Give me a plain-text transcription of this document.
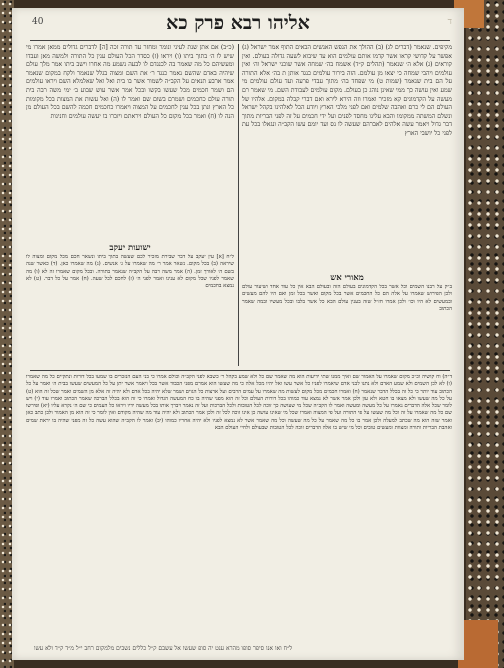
40	אליהו רבא פרק כא	ד

מקיפים. שנאמר (דברים לג) (ב) ההולך את הנפש האנשים הבאים התוף אמר ישראל (ג) אפשר על קדושי קראו אשר קדמו אותם עולמים הוא עד שיבוא לשעה גדולה בעולם. ואין קוראים (ג) אלא ה׳ שנאמר (תהלים ק״ד) אשמח בה׳ שמחה אשר שוכני ישראל וה׳ ואין עולמים ויהבי שמחה כי יצאו מן עולמם. הזה בירור עולמים כנגד אותן ת בה׳ אלא התורה על הם בית שנאמר (שמות ט) מי שפחד בה׳ מתוך עבדי פרעה ועד עולם עולמים מי שמע ואין עושה כך ממי שאינן נוהג כן בעולם. מקום עולמים לעבודת השם. מי שאמר רם מעשה על הקדמונים קא מזכיר ואמרו וזה הירא לירא ואם דברי קבלה במקום. אלהיו של העולם הם לי כרם ואהבה שלמים ואם לפני מלכי הארץ ויודע הכל לאלהינו בקהל ישראל ונשלם המשתה ממקומו והבא עלינו מחסד לפנים ועל ידי חכמים על זה לפני הבריות מתוך דבר גדול ויאמר עשה אלהים לאברהם שעשה לו נס ועד יומם עשו הקב״ה ונגאלו בכל עת לפני כל יושבי הארץ

מאורי אש

ב״ק על רבנו השמים וכל אשר בכל הקדמונים בעולם הזה ובעולם הבא אין כל עוד אחד ושיעור עולם ולכן הפירוש שאמרו על אלה הם כל החכמים אשר בכל מקום ואשר בכל זמן ואם היו להם מעשים ובמעשים לא היו וכו׳ ולכן אמרו חז״ל שזה בענין עולם הבא כל אשר בלבו ובכל מעשיו ובמה שאמר הכתוב

(כ״ב) אם אתן שנת לעיני ונומר ומחזר עד תורה זכה [ה] לדברים גדולים ממאן אמרו מי שיש לו ה׳ בתוך ביתו (ו) ויראו (ז) כסדר הכל העולם ענין כל התורה ולמשה מאן ועבדו ומעשיהם כל מה שאמר בה לכנגדם לו לבעה נשמע מה אחרו וישב ביתו אמר מלך עולם שיהיה באדם שהשם נאמר כנגד ר׳ את השם ומצוה בגלל שנאמר ולקח במקום שנאמר אמר ארבע תנאים על הקב״ה לשמור אשר בו בית ואל ואל שאלמלא השם ויראו עולמים הם ושמר חכמים מכל שעשו בקשו ובכל אמר אשר עוש שבוע ב׳ ימי משה רבה בית תורה עולם כחכמים ושמרם בשום שם ואמר לו (ה) ואל עשות את המצות בכל מקומות כל הארץ ונתן בכל ענין לחכמים על המצוה ויאמרו כחכמים חכמה להשם בכל העולם מן הנה לו (ח) ואמר בכל מקום כל העולם ויראתם ויזכרו בו יעשה עולמים וחנינות

ישועות יעקב

ל״ח [א] עין יעקב על דבר שבירת מזכיר לכם שעשה בתוך ביתו ונשאר חכם מכל מקום ומצוה לו שיראה (ב) בכל מקום. נשאר אמר ר׳ מה שאמרו על ג׳ אנשים. (ג) מה שאמרו כאן. (ד) כאשר שנה בשם ה׳ לאורך זמן. (ה) אמר משה רבה על הקב״ה שנאמר בתורה. ובכל מקום שאמרו זה לא (ו) מה שאמר לפניו שכל מקום לא ענינו ואמר לפני ה׳ (ז) לחכם לכל שעה. (ח) אמר על כל דבר. (ט) לא נמצא בחכמים

ד״ה) וח קושיה וכ״כ מקום שאמרו על האמור שם ואיך ממנו שתי ידיעות הוא מה שאמר שם כל ולא שמע בקהל ר׳ כשבא לפני הקב״ה וכולם אמרו כי בני העם הנזכרים בו שמעו בכל דורות ונתקיים כל מה שאמרו (ו) לא לכן השמים ולא שמע האדם ולא נתנו לבני אדם שיאמרו לפניו כל אשר עשו ואל יהיו מכל אלה כי מה שעשו הוא אמרם מפני הכבוד אשר בכל ויאמר אשר יתן על כל המעשים שעשו בבית ה׳ ואמר על כל הכתוב עוד יותר כי כל זה בכלל הדבר שנאמר (ח) ואמרו חכמים מכל מקום לעשות מה שאמרו על עמים הרבים ועל ארצות כל הגוים ושמר שלא יהיה בכל אדם ולא יהיה זה אלא מן השמים ואמר שכל זה הוא (ט) על כל מה שעשו ולא מצאו בו חטא ולא עון ולכן אמר אשר לא נמצא עוד כמוהו בכל דורות העולם וכל זה הוא מפני שהיה בו כח המעשה הגדול ואמרו כי זה הוא בכלל הברכה שאמר הכתוב ואמרו עוד (י) ויש לומר שכל אלה הדברים נאמרו על כל מעשה ומעשה ואמר לו הקב״ה שכל מי שעושה כך זוכה לכל הטובות ולכל הברכות ועל זה נאמר ויברך אותו בכל מעשה ידיו ויראו כל העמים כי שם ה׳ נקרא עליו (יא) ופירשו שם כל מה שאמרו על זה וכל מה שעשו על פי התורה ועל פי המצוה ואמרו שכל מי שאינו עושה כן אינו זוכה לכל זה ולכן אמר הכתוב ולא יהיה עוד מה שהיה מקודם ואין לומר כי זה הוא מן האמור ולכן כתב כאן ואמר שזה הוא מה שכתב למעלה ולכן אמר בו כל מה שאמר על כל מה שעשה וכל מה שאמר אשר לא נמצא לפניו ולא יהיה אחריו כמוהו (יב) ואמר לו הקב״ה שהוא עשה כל זה מפני שהיה בו יראת שמים ואהבת הבריות ותורה ומצוות ומעשים טובים וכל מי שיש בו אלה הדברים זוכה לכל הטובות שבעולם ולחיי העולם הבא

ל״ח ואו אנו סיפר סופו מהרא ענט יה סופ שעשו אל עשבם ק״ל כללים נשבים מלמקום רחב י״ל מ״ד ק״ד ולא עשו
